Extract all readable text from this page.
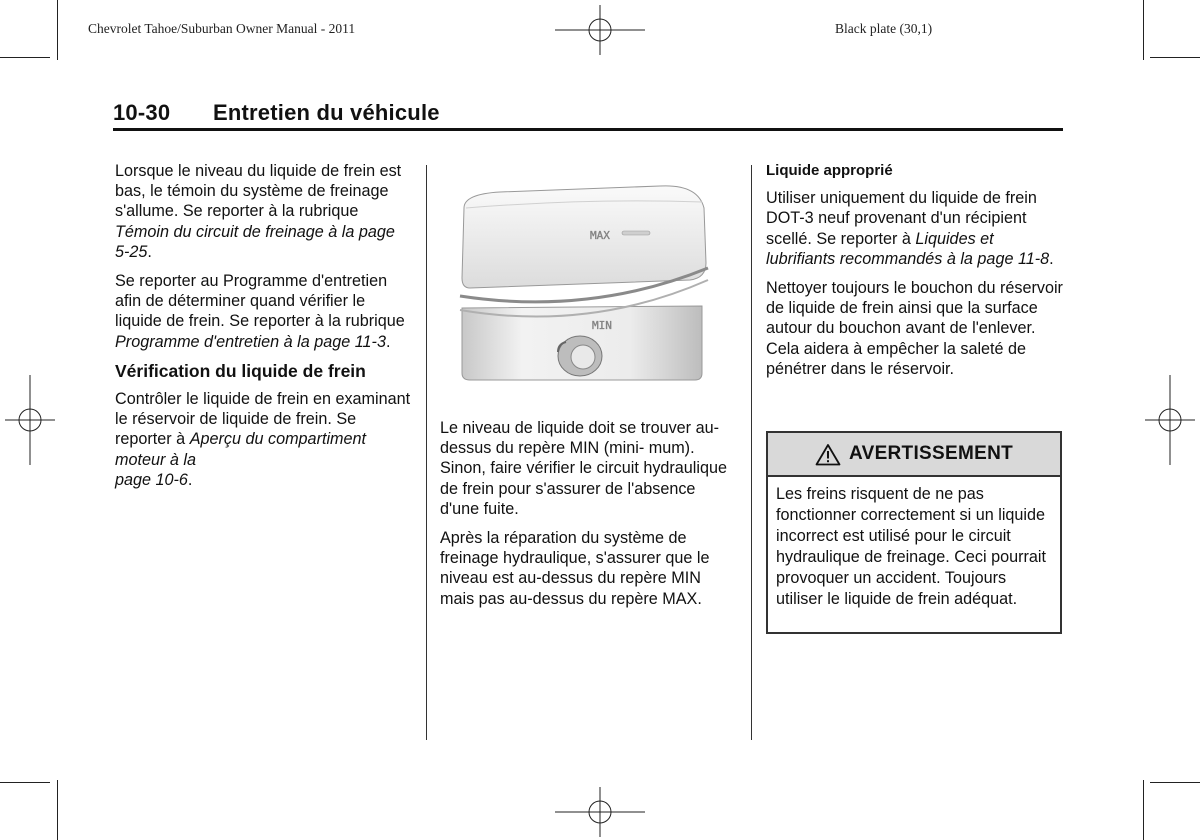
Chevrolet Tahoe/Suburban Owner Manual - 2011	Black plate (30,1)
10-30 Entretien du véhicule

Lorsque le niveau du liquide de frein est bas, le témoin du système de freinage s'allume. Se reporter à la rubrique Témoin du circuit de freinage à la page 5-25.

Se reporter au Programme d'entretien afin de déterminer quand vérifier le liquide de frein. Se reporter à la rubrique Programme d'entretien à la page 11-3.

Vérification du liquide de frein

Contrôler le liquide de frein en examinant le réservoir de liquide de frein. Se reporter à Aperçu du compartiment moteur à la
page 10-6.

MAX
MIN

Le niveau de liquide doit se trouver au-dessus du repère MIN (mini- mum). Sinon, faire vérifier le circuit hydraulique de frein pour s'assurer de l'absence d'une fuite.

Après la réparation du système de freinage hydraulique, s'assurer que le niveau est au-dessus du repère MIN mais pas au-dessus du repère MAX.

Liquide approprié

Utiliser uniquement du liquide de frein DOT-3 neuf provenant d'un récipient scellé. Se reporter à Liquides et lubrifiants recommandés à la page 11-8.

Nettoyer toujours le bouchon du réservoir de liquide de frein ainsi que la surface autour du bouchon avant de l'enlever. Cela aidera à empêcher la saleté de pénétrer dans le réservoir.

AVERTISSEMENT
Les freins risquent de ne pas fonctionner correctement si un liquide incorrect est utilisé pour le circuit hydraulique de freinage. Ceci pourrait provoquer un accident. Toujours utiliser le liquide de frein adéquat.
